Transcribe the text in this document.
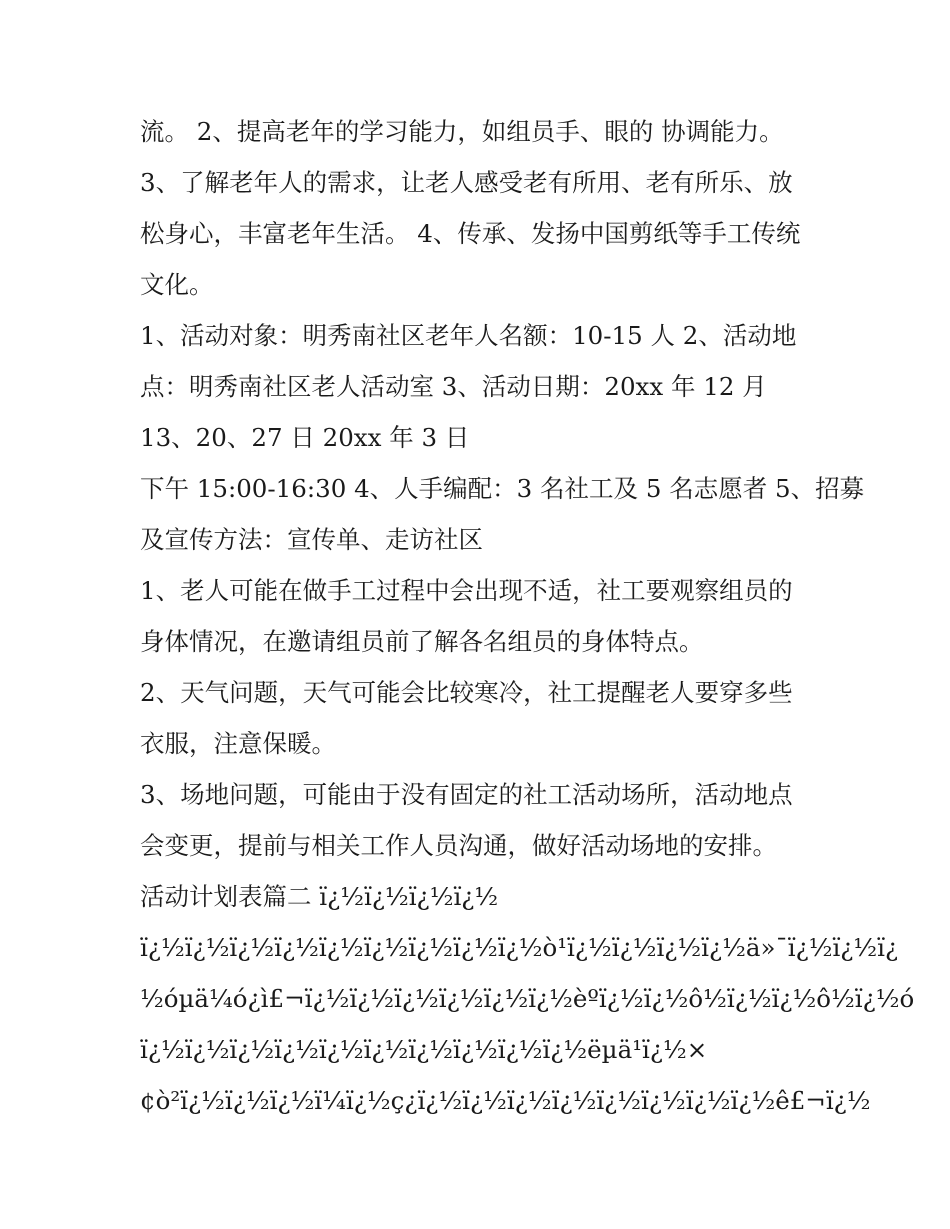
流。 2、提高老年的学习能力，如组员手、眼的 协调能力。
3、了解老年人的需求，让老人感受老有所用、老有所乐、放
松身心，丰富老年生活。 4、传承、发扬中国剪纸等手工传统
文化。
1、活动对象：明秀南社区老年人名额：10-15 人 2、活动地
点：明秀南社区老人活动室 3、活动日期：20xx 年 12 月
13、20、27 日 20xx 年 3 日
下午 15:00-16:30 4、人手编配：3 名社工及 5 名志愿者 5、招募
及宣传方法：宣传单、走访社区
1、老人可能在做手工过程中会出现不适，社工要观察组员的
身体情况，在邀请组员前了解各名组员的身体特点。
2、天气问题，天气可能会比较寒冷，社工提醒老人要穿多些
衣服，注意保暖。
3、场地问题，可能由于没有固定的社工活动场所，活动地点
会变更，提前与相关工作人员沟通，做好活动场地的安排。
活动计划表篇二 ï¿½ï¿½ï¿½ï¿½
ï¿½ï¿½ï¿½ï¿½ï¿½ï¿½ï¿½ï¿½ï¿½ò¹ï¿½ï¿½ï¿½ï¿½ä»¯ï¿½ï¿½ï¿
½óµä¼ó¿ì£¬ï¿½ï¿½ï¿½ï¿½ï¿½ï¿½èºï¿½ï¿½ô½ï¿½ï¿½ô½ï¿½ó
ï¿½ï¿½ï¿½ï¿½ï¿½ï¿½ï¿½ï¿½ï¿½ï¿½ëµä¹ï¿½×
¢ò²ï¿½ï¿½ï¿½ï¼ï¿½ç¿ï¿½ï¿½ï¿½ï¿½ï¿½ï¿½ï¿½ï¿½ê£¬ï¿½
